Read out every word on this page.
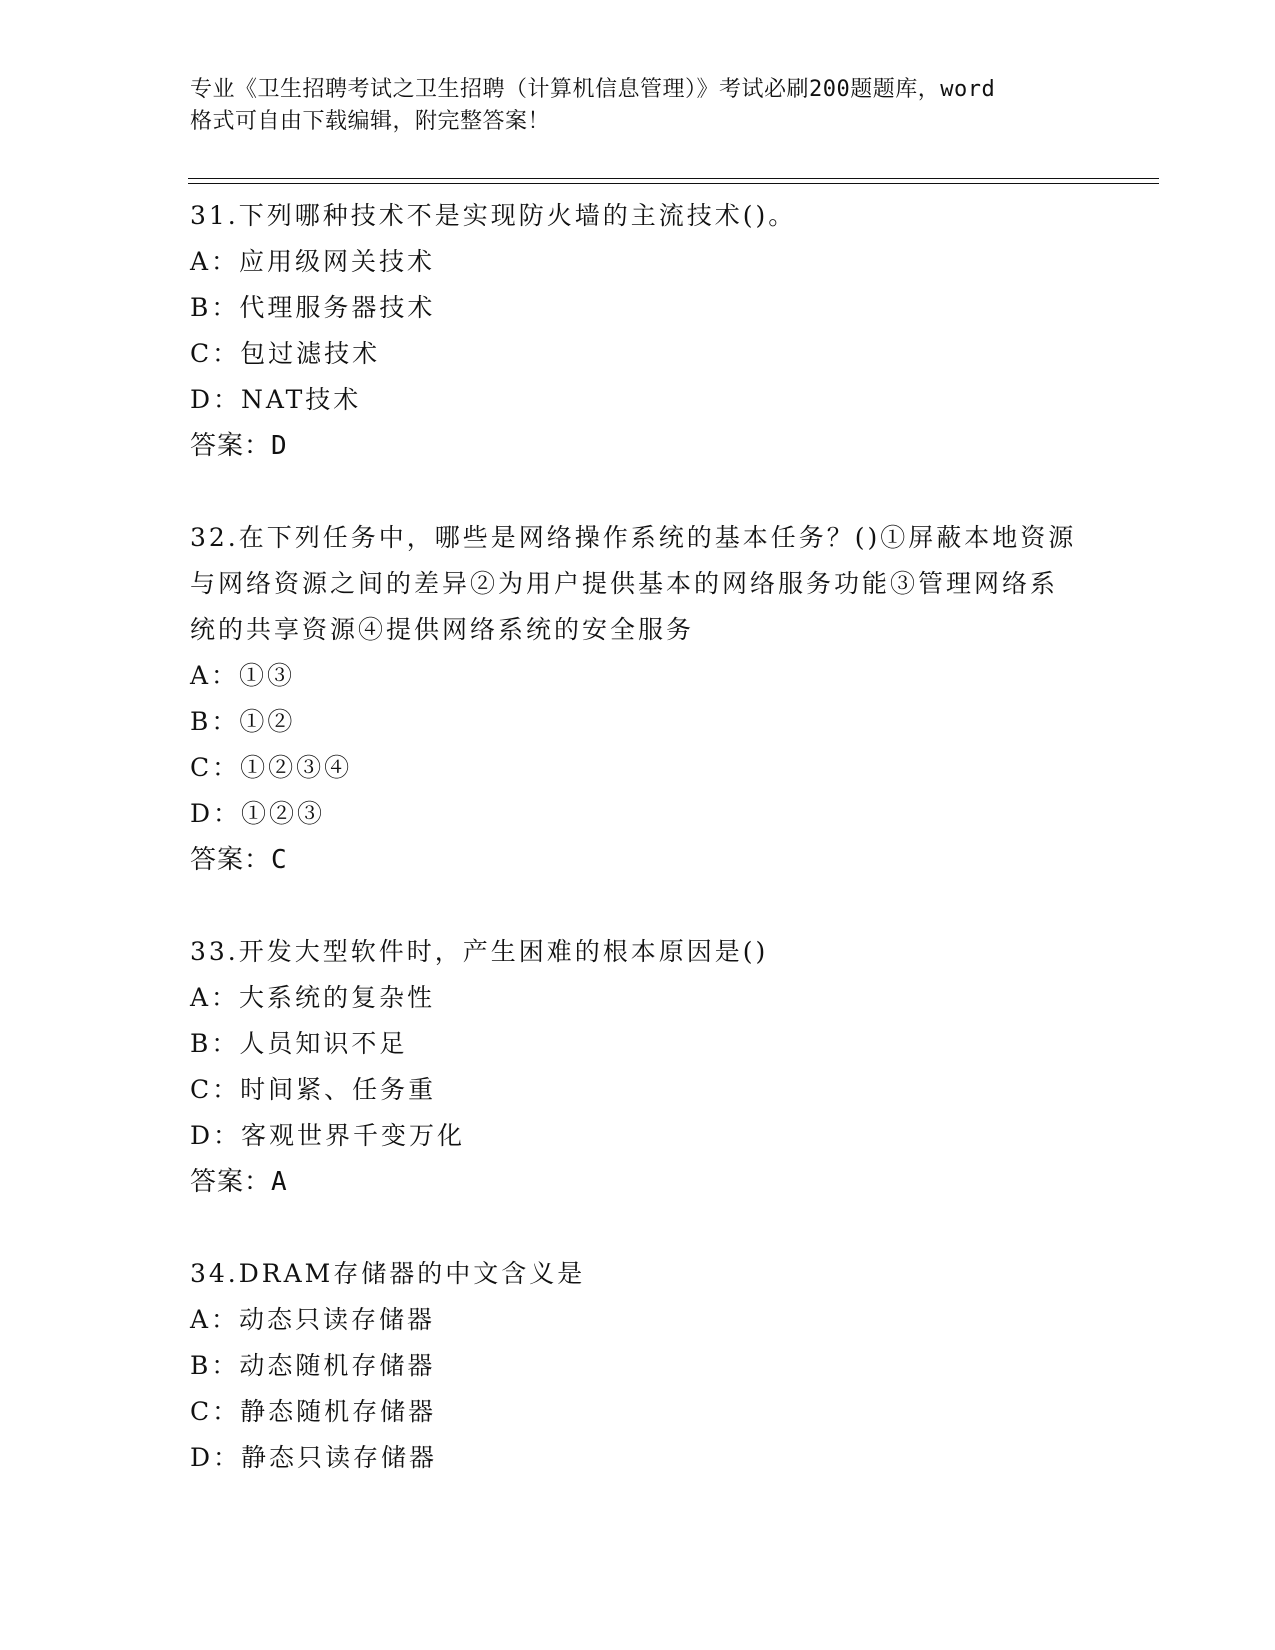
专业《卫生招聘考试之卫生招聘（计算机信息管理）》考试必刷200题题库，word
格式可自由下载编辑，附完整答案！
31.下列哪种技术不是实现防火墙的主流技术()。
A：应用级网关技术
B：代理服务器技术
C：包过滤技术
D：NAT技术
答案：D
32.在下列任务中，哪些是网络操作系统的基本任务？()①屏蔽本地资源与网络资源之间的差异②为用户提供基本的网络服务功能③管理网络系统的共享资源④提供网络系统的安全服务
A：①③
B：①②
C：①②③④
D：①②③
答案：C
33.开发大型软件时，产生困难的根本原因是()
A：大系统的复杂性
B：人员知识不足
C：时间紧、任务重
D：客观世界千变万化
答案：A
34.DRAM存储器的中文含义是
A：动态只读存储器
B：动态随机存储器
C：静态随机存储器
D：静态只读存储器
